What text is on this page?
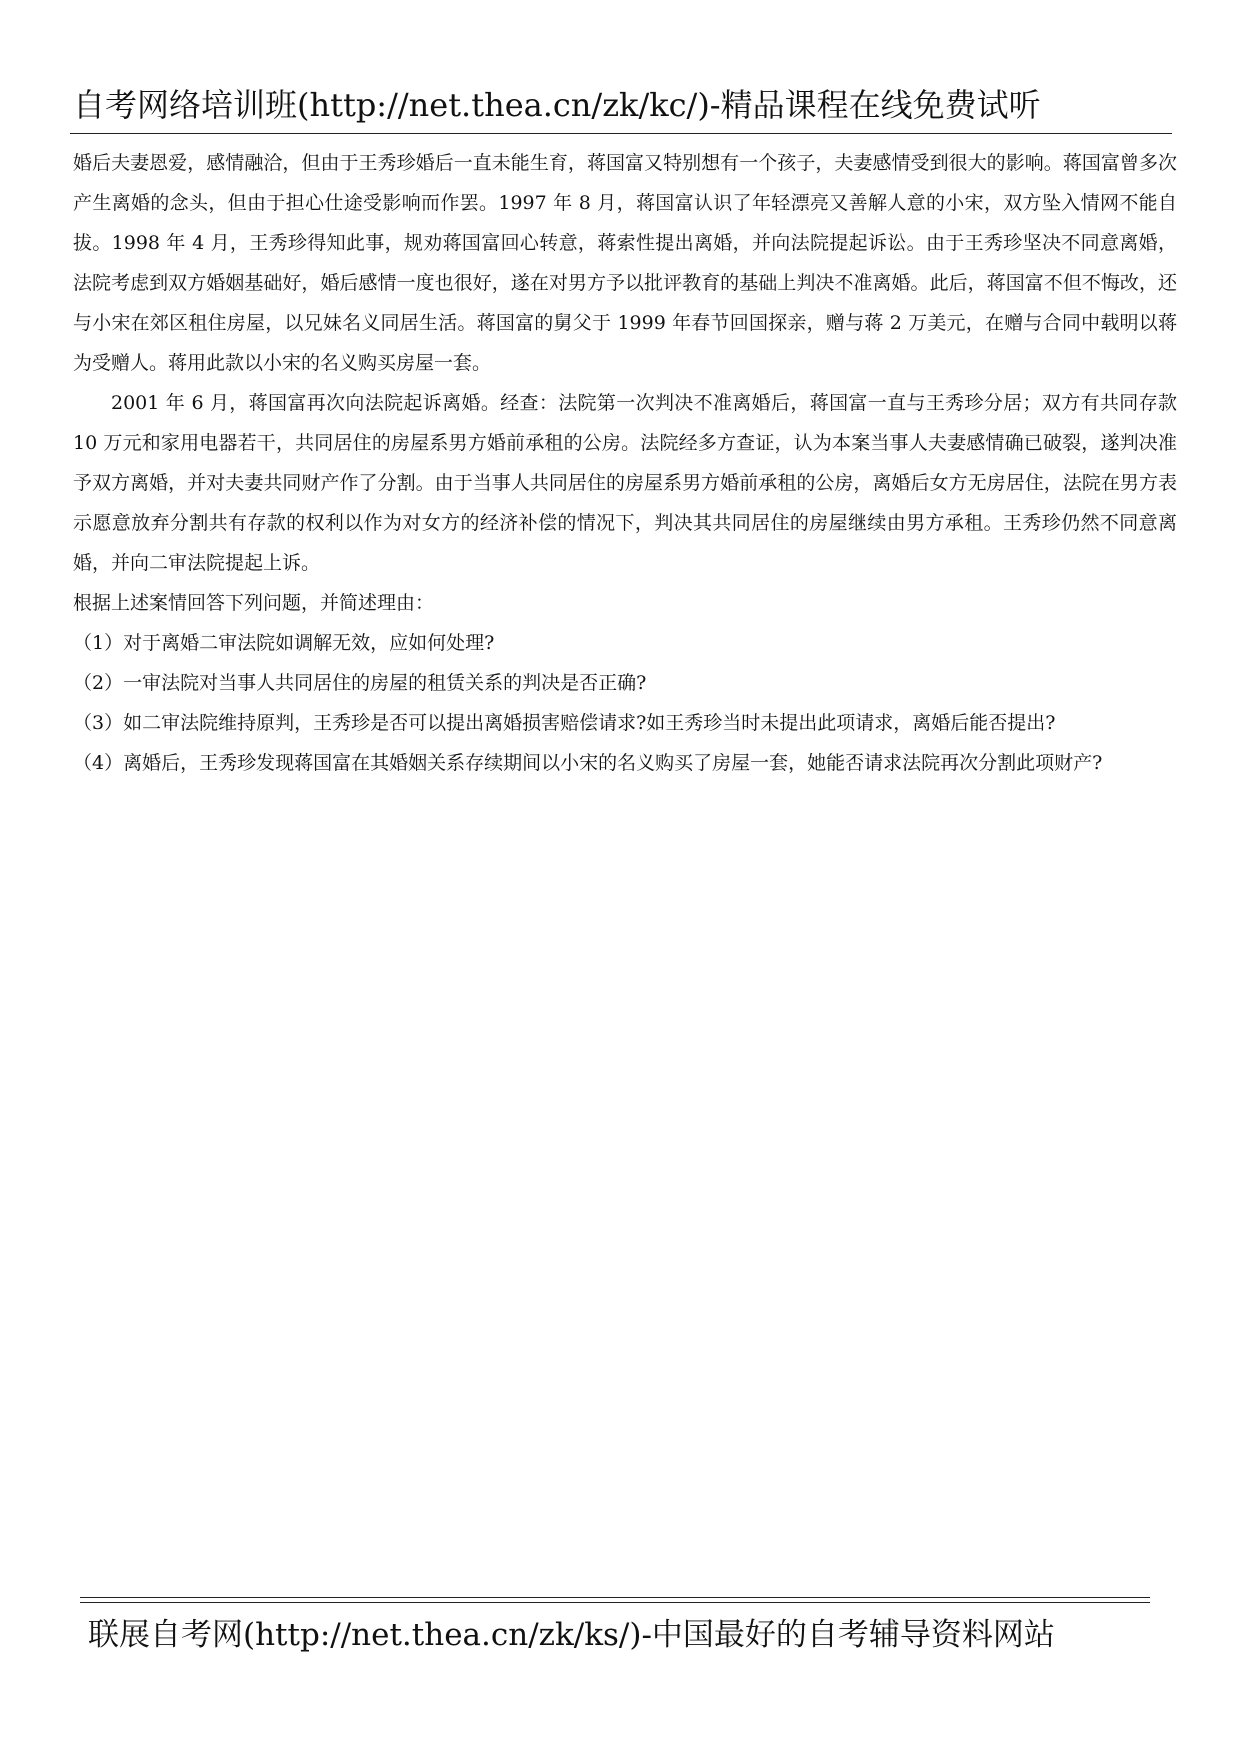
自考网络培训班(http://net.thea.cn/zk/kc/)-精品课程在线免费试听

婚后夫妻恩爱，感情融洽，但由于王秀珍婚后一直未能生育，蒋国富又特别想有一个孩子，夫妻感情受到很大的影响。蒋国富曾多次产生离婚的念头，但由于担心仕途受影响而作罢。1997 年 8 月，蒋国富认识了年轻漂亮又善解人意的小宋，双方坠入情网不能自拔。1998 年 4 月，王秀珍得知此事，规劝蒋国富回心转意，蒋索性提出离婚，并向法院提起诉讼。由于王秀珍坚决不同意离婚，法院考虑到双方婚姻基础好，婚后感情一度也很好，遂在对男方予以批评教育的基础上判决不准离婚。此后，蒋国富不但不悔改，还与小宋在郊区租住房屋，以兄妹名义同居生活。蒋国富的舅父于 1999 年春节回国探亲，赠与蒋 2 万美元，在赠与合同中载明以蒋为受赠人。蒋用此款以小宋的名义购买房屋一套。

2001 年 6 月，蒋国富再次向法院起诉离婚。经查：法院第一次判决不准离婚后，蒋国富一直与王秀珍分居；双方有共同存款 10 万元和家用电器若干，共同居住的房屋系男方婚前承租的公房。法院经多方查证，认为本案当事人夫妻感情确已破裂，遂判决准予双方离婚，并对夫妻共同财产作了分割。由于当事人共同居住的房屋系男方婚前承租的公房，离婚后女方无房居住，法院在男方表示愿意放弃分割共有存款的权利以作为对女方的经济补偿的情况下，判决其共同居住的房屋继续由男方承租。王秀珍仍然不同意离婚，并向二审法院提起上诉。

根据上述案情回答下列问题，并简述理由：

（1）对于离婚二审法院如调解无效，应如何处理?

（2）一审法院对当事人共同居住的房屋的租赁关系的判决是否正确?

（3）如二审法院维持原判，王秀珍是否可以提出离婚损害赔偿请求?如王秀珍当时未提出此项请求，离婚后能否提出?

（4）离婚后，王秀珍发现蒋国富在其婚姻关系存续期间以小宋的名义购买了房屋一套，她能否请求法院再次分割此项财产?

联展自考网(http://net.thea.cn/zk/ks/)-中国最好的自考辅导资料网站
